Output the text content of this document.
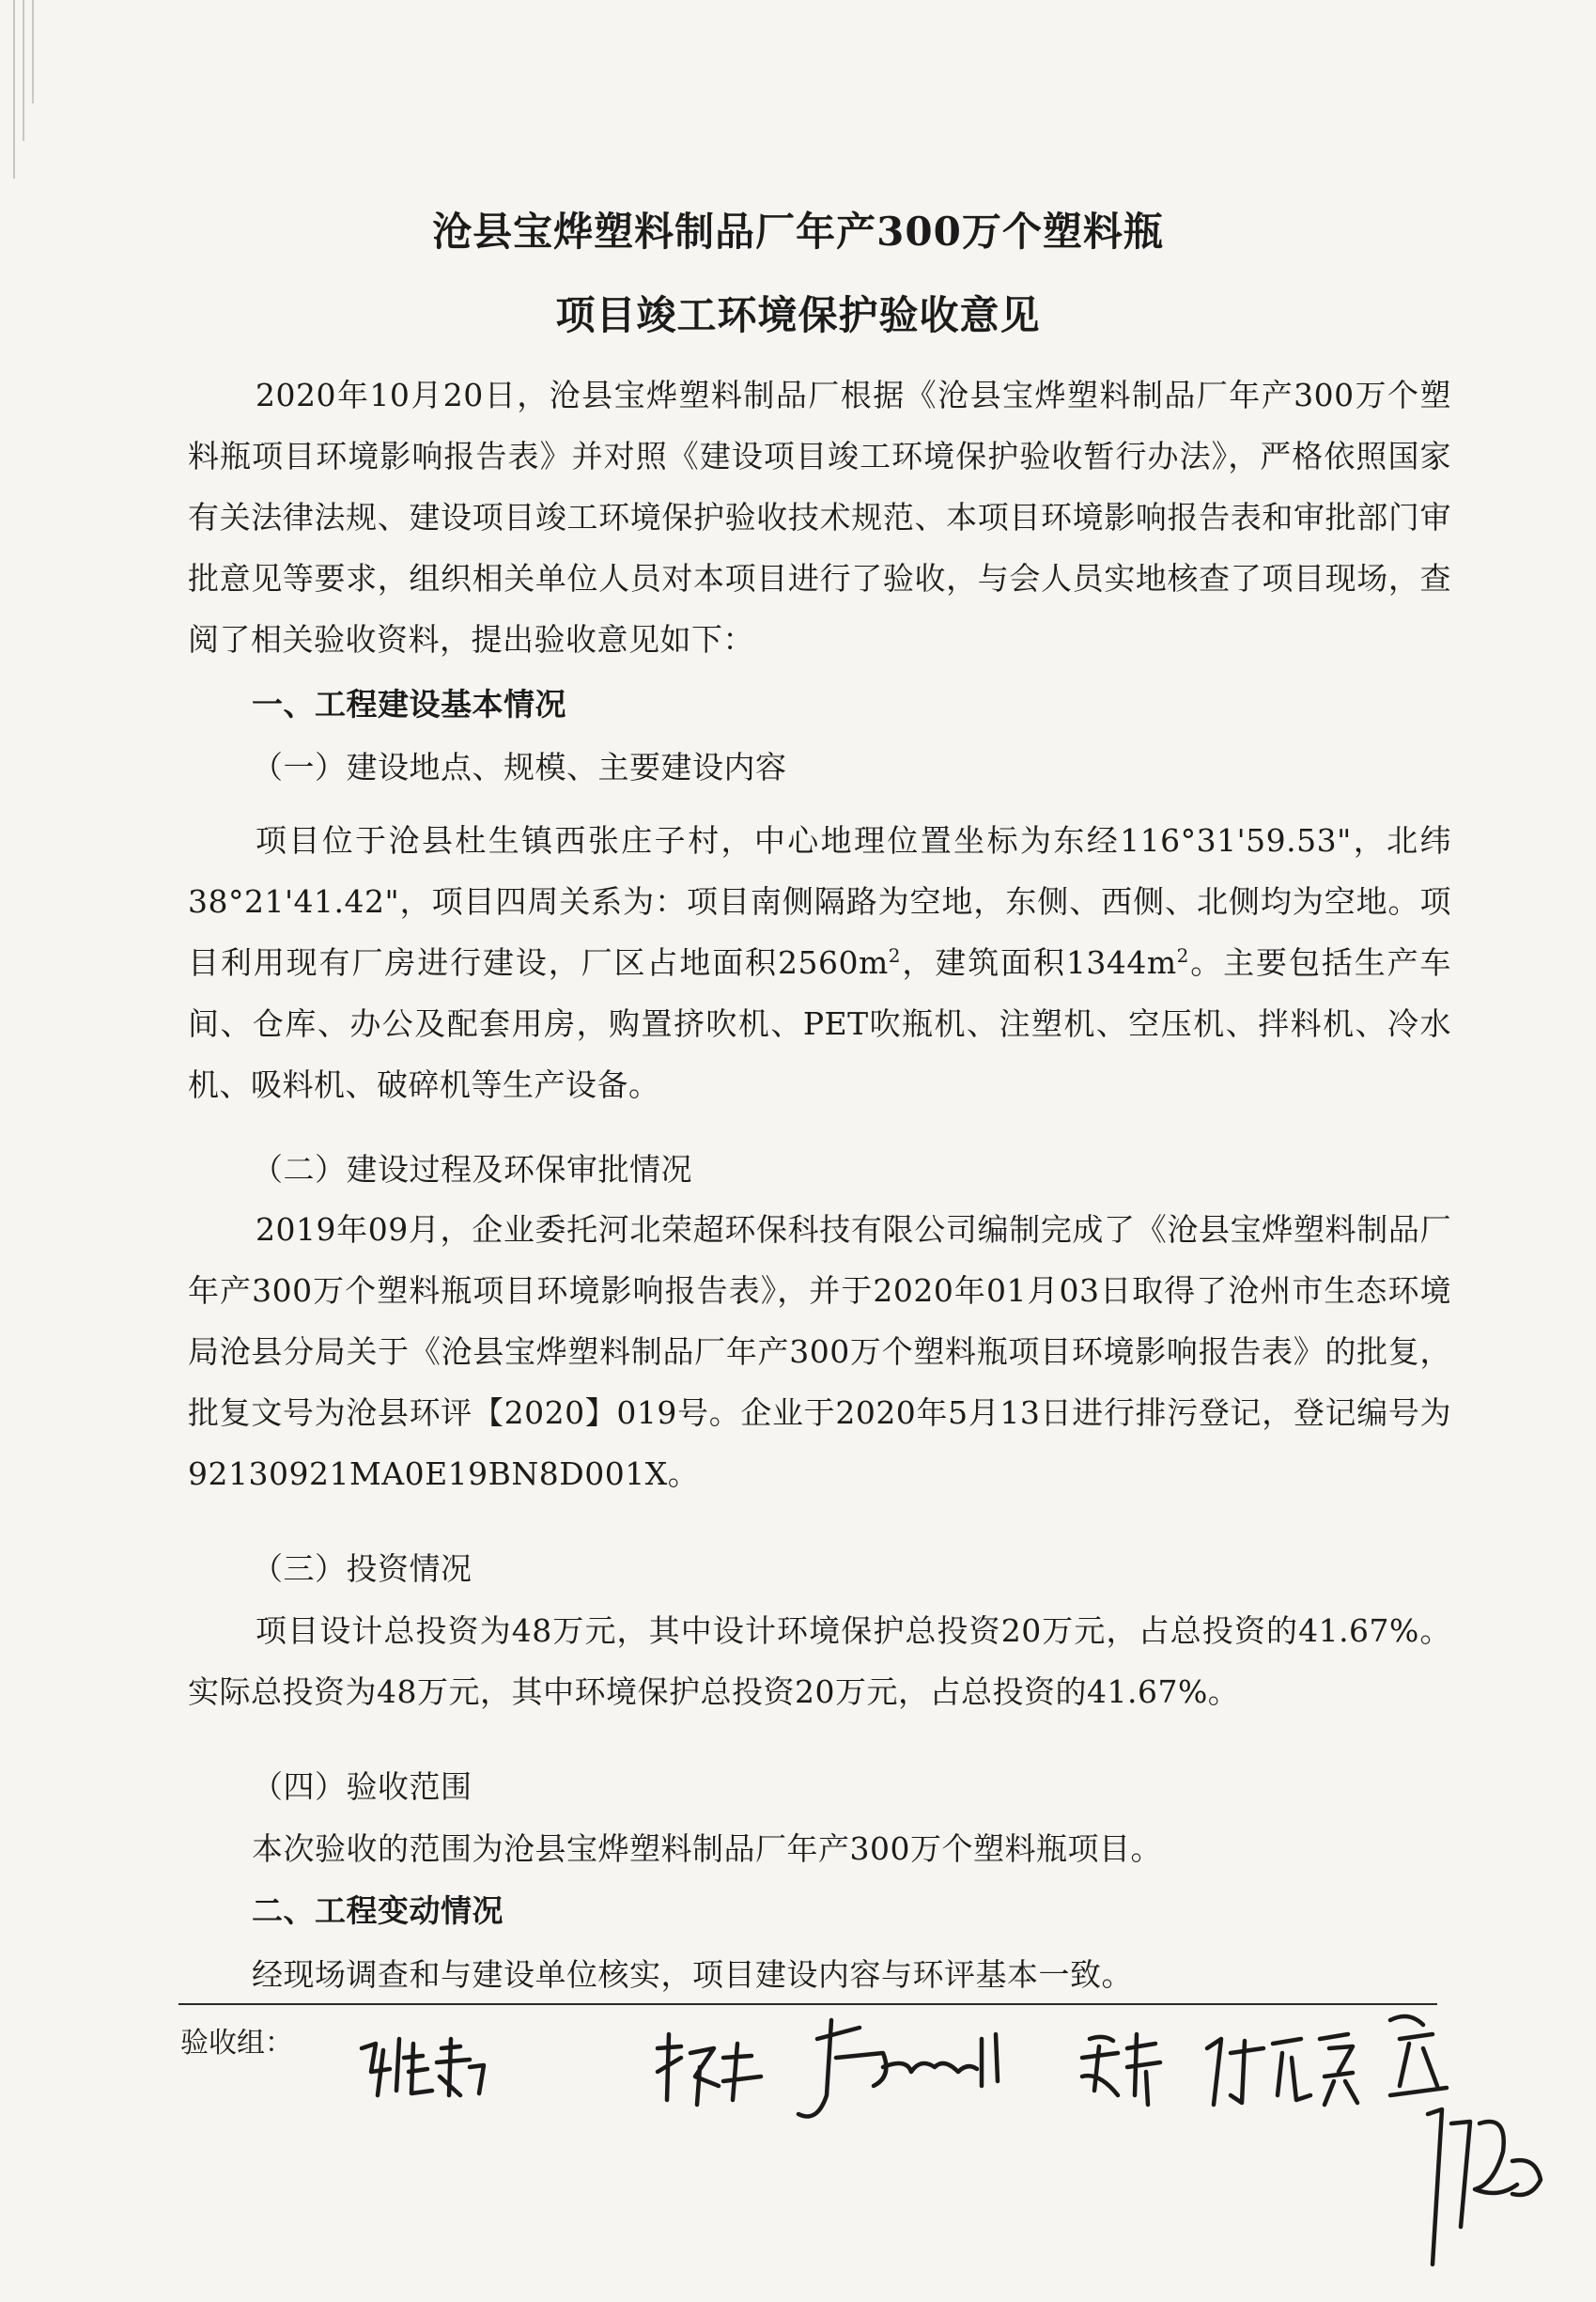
沧县宝烨塑料制品厂年产300万个塑料瓶
项目竣工环境保护验收意见
2020年10月20日，沧县宝烨塑料制品厂根据《沧县宝烨塑料制品厂年产300万个塑料瓶项目环境影响报告表》并对照《建设项目竣工环境保护验收暂行办法》，严格依照国家有关法律法规、建设项目竣工环境保护验收技术规范、本项目环境影响报告表和审批部门审批意见等要求，组织相关单位人员对本项目进行了验收，与会人员实地核查了项目现场，查阅了相关验收资料，提出验收意见如下：
一、工程建设基本情况
（一）建设地点、规模、主要建设内容
项目位于沧县杜生镇西张庄子村，中心地理位置坐标为东经116°31'59.53"，北纬38°21'41.42"，项目四周关系为：项目南侧隔路为空地，东侧、西侧、北侧均为空地。项目利用现有厂房进行建设，厂区占地面积$2560m^2$，建筑面积$1344m^2$。主要包括生产车间、仓库、办公及配套用房，购置挤吹机、PET吹瓶机、注塑机、空压机、拌料机、冷水机、吸料机、破碎机等生产设备。
（二）建设过程及环保审批情况
2019年09月，企业委托河北荣超环保科技有限公司编制完成了《沧县宝烨塑料制品厂年产300万个塑料瓶项目环境影响报告表》，并于2020年01月03日取得了沧州市生态环境局沧县分局关于《沧县宝烨塑料制品厂年产300万个塑料瓶项目环境影响报告表》的批复，批复文号为沧县环评【2020】019号。企业于2020年5月13日进行排污登记，登记编号为92130921MA0E19BN8D001X。
（三）投资情况
项目设计总投资为48万元，其中设计环境保护总投资20万元，占总投资的41.67%。实际总投资为48万元，其中环境保护总投资20万元，占总投资的41.67%。
（四）验收范围
本次验收的范围为沧县宝烨塑料制品厂年产300万个塑料瓶项目。
二、工程变动情况
经现场调查和与建设单位核实，项目建设内容与环评基本一致。
验收组：
